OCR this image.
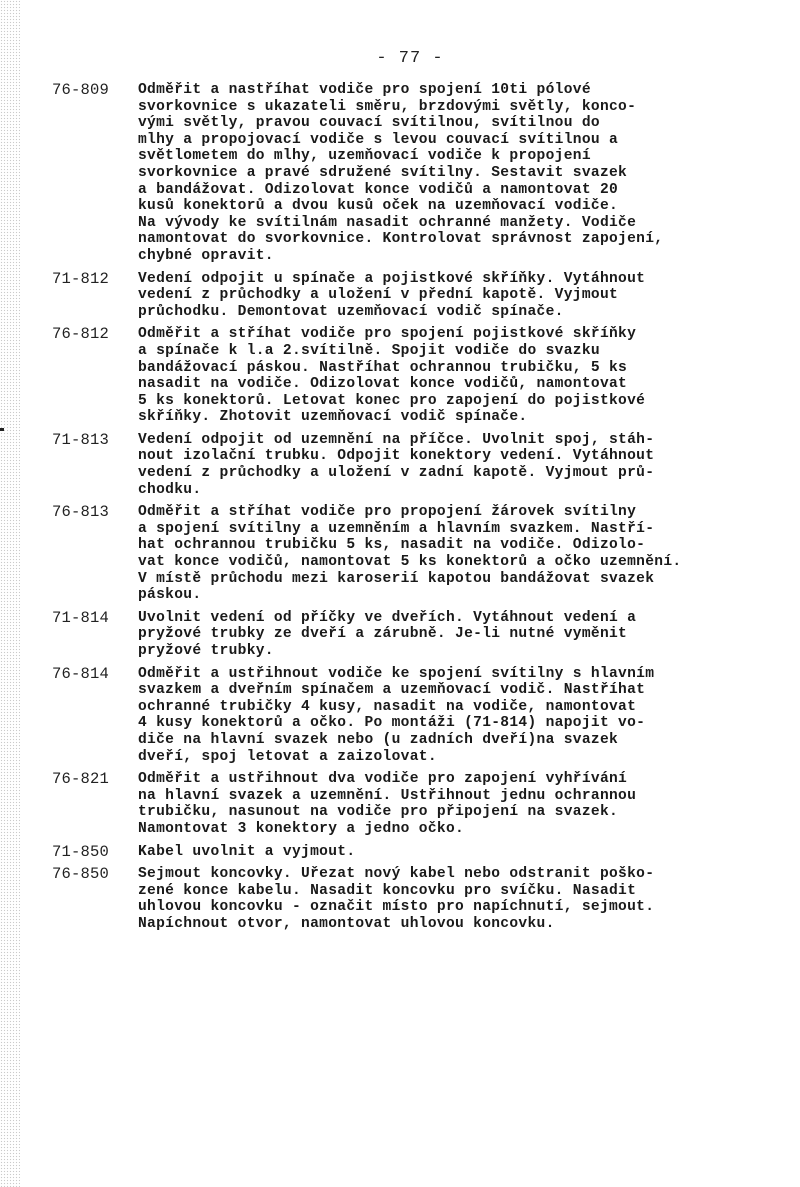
- 77 -
76-809	Odměřit a nastříhat vodiče pro spojení 10ti pólové
svorkovnice s ukazateli směru, brzdovými světly, konco-
vými světly, pravou couvací svítilnou, svítilnou do
mlhy a propojovací vodiče s levou couvací svítilnou a
světlometem do mlhy, uzemňovací vodiče k propojení
svorkovnice a pravé sdružené svítilny. Sestavit svazek
a bandážovat. Odizolovat konce vodičů a namontovat 20
kusů konektorů a dvou kusů oček na uzemňovací vodiče.
Na vývody ke svítilnám nasadit ochranné manžety. Vodiče
namontovat do svorkovnice. Kontrolovat správnost zapojení,
chybné opravit.
71-812	Vedení odpojit u spínače a pojistkové skříňky. Vytáhnout
vedení z průchodky a uložení v přední kapotě. Vyjmout
průchodku. Demontovat uzemňovací vodič spínače.
76-812	Odměřit a stříhat vodiče pro spojení pojistkové skříňky
a spínače k l.a 2.svítilně. Spojit vodiče do svazku
bandážovací páskou. Nastříhat ochrannou trubičku, 5 ks
nasadit na vodiče. Odizolovat konce vodičů, namontovat
5 ks konektorů. Letovat konec pro zapojení do pojistkové
skříňky. Zhotovit uzemňovací vodič spínače.
71-813	Vedení odpojit od uzemnění na příčce. Uvolnit spoj, stáh-
nout izolační trubku. Odpojit konektory vedení. Vytáhnout
vedení z průchodky a uložení v zadní kapotě. Vyjmout prů-
chodku.
76-813	Odměřit a stříhat vodiče pro propojení žárovek svítilny
a spojení svítilny a uzemněním a hlavním svazkem. Nastří-
hat ochrannou trubičku 5 ks, nasadit na vodiče. Odizolo-
vat konce vodičů, namontovat 5 ks konektorů a očko uzemnění.
V místě průchodu mezi karoserií kapotou bandážovat svazek
páskou.
71-814	Uvolnit vedení od příčky ve dveřích. Vytáhnout vedení a
pryžové trubky ze dveří a zárubně. Je-li nutné vyměnit
pryžové trubky.
76-814	Odměřit a ustřihnout vodiče ke spojení svítilny s hlavním
svazkem a dveřním spínačem a uzemňovací vodič. Nastříhat
ochranné trubičky 4 kusy, nasadit na vodiče, namontovat
4 kusy konektorů a očko. Po montáži (71-814) napojit vo-
diče na hlavní svazek nebo (u zadních dveří)na svazek
dveří, spoj letovat a zaizolovat.
76-821	Odměřit a ustřihnout dva vodiče pro zapojení vyhřívání
na hlavní svazek a uzemnění. Ustřihnout jednu ochrannou
trubičku, nasunout na vodiče pro připojení na svazek.
Namontovat 3 konektory a jedno očko.
71-850	Kabel uvolnit a vyjmout.
76-850	Sejmout koncovky. Uřezat nový kabel nebo odstranit poško-
zené konce kabelu. Nasadit koncovku pro svíčku. Nasadit
uhlovou koncovku - označit místo pro napíchnutí, sejmout.
Napíchnout otvor, namontovat uhlovou koncovku.
